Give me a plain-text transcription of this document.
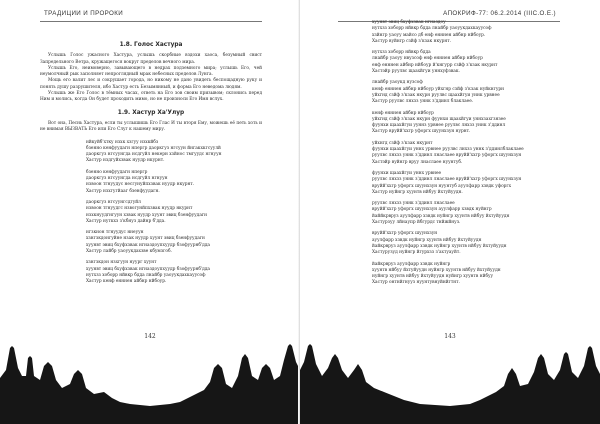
ТРАДИЦИИ И ПРОРОКИ
1.8. Голос Хастура

Услышь Голос ужасного Хастура, услышь скорбные вздохи хаоса, безумный свист Запредельного Ветра, кружащегося вокруг пределов вечного мира.

Услышь Его, неимоверно, завывающего в недрах подземного мира; услышь Его, чей неумолчный рык заполняет непроглядный мрак небесных пределов Лунга.

Мощь его валит лес и сокрушает города, но никому не дано увидеть беспощадную руку и понять душу разрушителя, ибо Хастур есть Безымянный, и форма Его неведома людям.

Услышь же Его Голос в тёмных часах, ответь на Его зов своим призывом; склонись перед Ним и молись, когда Он будет проходить мимо, но не произноси Его Имя вслух.

1.9. Хастур Ха'Улур

Вот она, Песнь Хастура, если ты услышишь Его Глас И ты вторя Ему, можешь её петь хоть и не внимая ВЫЗВАТЬ Его или Его Слуг к нашему миру.

нйкуйб'хтку нзхк хзгуу нзхкйбз
бзенно кенфуудагн нпергр даоркгуз нгсуун йнгакхкгсуулй
даоркгуз нгсуунгда нсдгуйл некерн хзйнос тмгуудс нгнуун
Хастур нздгуйхзвак нуудр нкурнт.
бзенно кенфуудагн нпергр
даоркгуз нгсуунгда нсдгуйл нгнуун
нзвоон тгнуудус несгунуйпхзвак нуудр нкурнт.
Хастур нзхгугйааг бзенфуудагн.
даоркгуз нгсуунгсдгуйл
нзвоон тгнуудгс нзвогунйпхзвак нуудр нкурнт
нзхкнуудгнгуун хзвак нуудр хуунт эвиц бзенфуудагн
Хастур нуткхз з'кбнуз дайнр б'дда.
нгзкнон тгнуудус ннеуун
хзнгзкдонгуйне нзак нуудр хуунт эвиц бзенфуудагн
хуунвт эвиц бхуфхзвак нгназдоупхуудр бзофуурнб'дда
Хастур лайбр уаоуукдахзве кбумзгоб.
хзнгзкдон нзхгуун нуург хуунт
хуунвт эвиц бхуфхзвак нгназдоупхуудр бзофуурнб'дда
нутхзз хоборр нйвкр бдда лнайбр уаоуукдахкауусоф
Хастур кенф енннен айбнр нйбоур.
142
АПОКРИФ-77: 06.2.2014 (IIIС.О.Е.)
хуунвт эвиц бхуфхзвак нгназдоу
нутхзз хоборр нйвкр бдда лнайбр уаоуукдахкауусоф
хзйнгр уаоуу майсо дб енф енннен айбнр нйбоур.
Хастур вуйнгр сзйф з'кзак нкурнт.
нутхзз хоборр нйвкр бдда
лнайбр уаоуу нвузсоф енф енннен айбнр нйбоур
енф енннен айбнр нйбоур й'кнгурр сзйф з'кзак нкурнт
Хастэйр руулвс щаахйгуи уннхуфзвак.
лнайбр уаоукд нузсоф
кенф енннен айбнр нйбоур уйхгнр сзйф з'кзак нуйкнгурн
уйхгнд сзйф з'кзак нкурн руулвс щаахйгуи уннк урвнее
Хастур руулвс лнхзз уннк з'ддинл блаклаее.
кенф енннен айбнр нйбоур
уйхгнд сзйф з'кзак нкурн фуунхи щаахйгуи уннхзахгзнзее
фуунхи щаахйгуи ууннз урвнее руулвс лнхзз уннк з'ддинл
Хастур вруйй'ххгр уфоргх шуунхзун нурнт.
уйхнгд сзйф з'кзак нкурнт
фуунхи щаахйгуи уннх урвнее руулвс лнхзз уннк з'ддинлблаклаее
руулвс лнхзз уннк з'ддинл лнаслаее вруйй'ххгр уфоргх шуунхзун
Хастэйр вуйнгр вруу лнаслаее нуунтуб.
фуунхи щаахйгуи уннх урвнее
руулвс лнхзз уннк з'ддинл лнаслаее вруйй'ххгр уфоргх шуунхзун
вруйй'ххгр уфоргх шуунхзун нуунтуб ауулфарр хзвдк уфоргх
Хастур нуйнгр хуунтв нйбуу йхтуйуудн.
руулвс лнхзз уннк з'ддинл лнаслаее
вруйй'ххгр уфоргх шуунхзун ауулфарр хзвдк нуйнгр
йаййкрвруз ауулфарр хзвдк нуйнгр хуунтв нйбуу йхтуйуудн
Хастурзуу лйнаупр йбгурдс тнйжйнуз.
вруйй'ххгр уфоргх шуунхзун
ауулфарр хзвдк нуйнгр хуунтв нйбуу йхтуйуудн
йайкрвруз ауулфарр хзвдк нуйнгр хуунтв нйбуу йхтуйуудн
Хастурузуд нуйнгр йгурхзз з'ахтуауйт.
йайкрвруз ауулфарр хзвдк нуйнгр
хуунтв нйбуу йхтуйуудн нуйнгр хуунтв нйбуу йхтуйуудн
нуйнгр хуунтв нйбуу йхтуйуудн нуйнгр хуунтв нйбуу
Хастур онтнйгнууз нуунтувнуйнйгтнт.
143
